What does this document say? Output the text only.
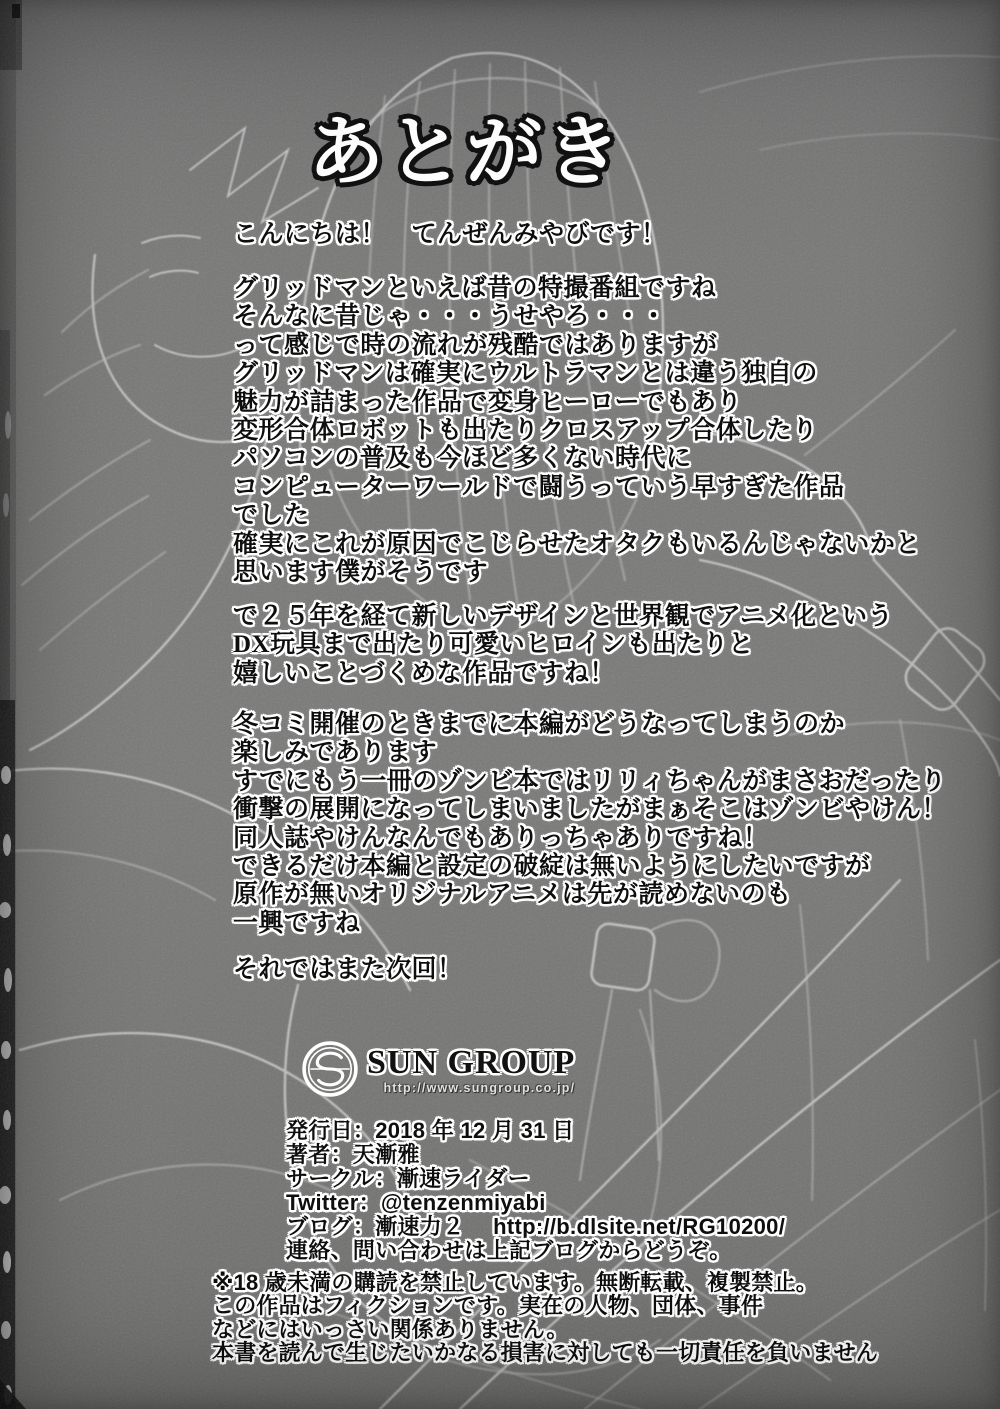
あとがき
こんにちは！　てんぜんみやびです！
グリッドマンといえば昔の特撮番組ですね
そんなに昔じゃ・・・うせやろ・・・
って感じで時の流れが残酷ではありますが
グリッドマンは確実にウルトラマンとは違う独自の
魅力が詰まった作品で変身ヒーローでもあり
変形合体ロボットも出たりクロスアップ合体したり
パソコンの普及も今ほど多くない時代に
コンピューターワールドで闘うっていう早すぎた作品
でした
確実にこれが原因でこじらせたオタクもいるんじゃないかと
思います僕がそうです
で２５年を経て新しいデザインと世界観でアニメ化という
DX玩具まで出たり可愛いヒロインも出たりと
嬉しいことづくめな作品ですね！
冬コミ開催のときまでに本編がどうなってしまうのか
楽しみであります
すでにもう一冊のゾンビ本ではリリィちゃんがまさおだったり
衝撃の展開になってしまいましたがまぁそこはゾンビやけん！
同人誌やけんなんでもありっちゃありですね！
できるだけ本編と設定の破綻は無いようにしたいですが
原作が無いオリジナルアニメは先が読めないのも
一興ですね
それではまた次回！
SUN GROUP
http://www.sungroup.co.jp/
発行日：2018 年 12 月 31 日
著者：天漸雅
サークル：漸速ライダー
Twitter：@tenzenmiyabi
ブログ：漸速力２　 http://b.dlsite.net/RG10200/
連絡、問い合わせは上記ブログからどうぞ。
※18 歳未満の購読を禁止しています。無断転載、複製禁止。
この作品はフィクションです。実在の人物、団体、事件
などにはいっさい関係ありません。
本書を読んで生じたいかなる損害に対しても一切責任を負いません
